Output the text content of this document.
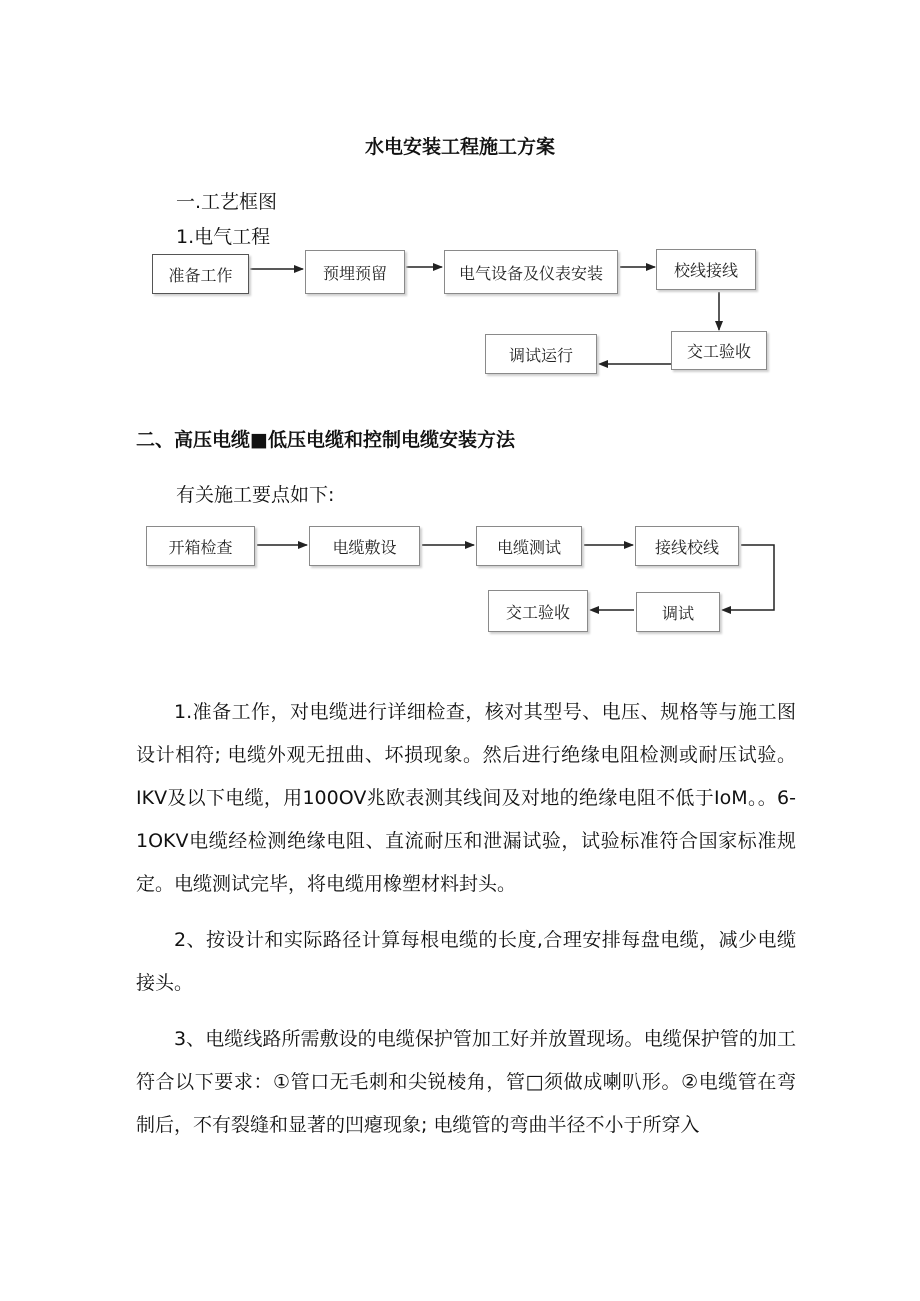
水电安装工程施工方案
一.工艺框图
1.电气工程
准备工作	预埋预留	电气设备及仪表安装	校线接线
交工验收
调试运行
二、高压电缆■低压电缆和控制电缆安装方法
有关施工要点如下:
开箱检查	电缆敷设	电缆测试	接线校线
调试
交工验收

1.准备工作，对电缆进行详细检查，核对其型号、电压、规格等与施工图设计相符; 电缆外观无扭曲、坏损现象。然后进行绝缘电阻检测或耐压试验。IKV及以下电缆，用100OV兆欧表测其线间及对地的绝缘电阻不低于IoM。。6-1OKV电缆经检测绝缘电阻、直流耐压和泄漏试验，试验标准符合国家标准规定。电缆测试完毕，将电缆用橡塑材料封头。

2、按设计和实际路径计算每根电缆的长度,合理安排每盘电缆，减少电缆接头。

3、电缆线路所需敷设的电缆保护管加工好并放置现场。电缆保护管的加工符合以下要求：①管口无毛刺和尖锐棱角，管□须做成喇叭形。②电缆管在弯制后，不有裂缝和显著的凹瘪现象; 电缆管的弯曲半径不小于所穿入
